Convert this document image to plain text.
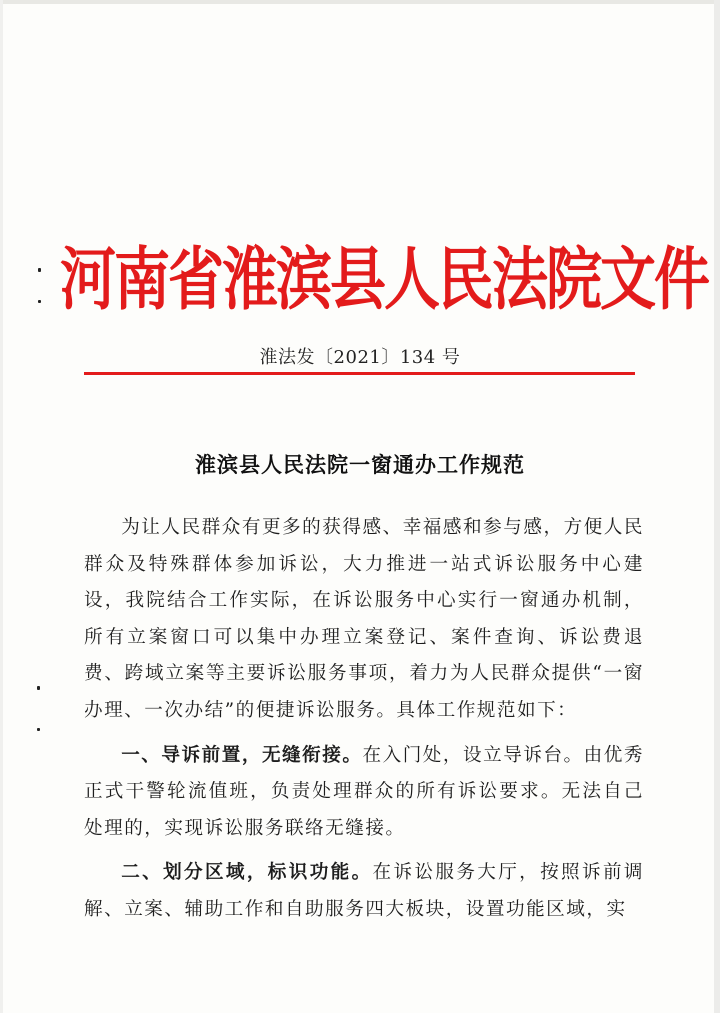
河南省淮滨县人民法院文件
淮法发〔2021〕134 号
淮滨县人民法院一窗通办工作规范

为让人民群众有更多的获得感、幸福感和参与感，方便人民群众及特殊群体参加诉讼，大力推进一站式诉讼服务中心建设，我院结合工作实际，在诉讼服务中心实行一窗通办机制，所有立案窗口可以集中办理立案登记、案件查询、诉讼费退费、跨域立案等主要诉讼服务事项，着力为人民群众提供“一窗办理、一次办结”的便捷诉讼服务。具体工作规范如下：

一、导诉前置，无缝衔接。在入门处，设立导诉台。由优秀正式干警轮流值班，负责处理群众的所有诉讼要求。无法自己处理的，实现诉讼服务联络无缝接。

二、划分区域，标识功能。在诉讼服务大厅，按照诉前调解、立案、辅助工作和自助服务四大板块，设置功能区域，实
